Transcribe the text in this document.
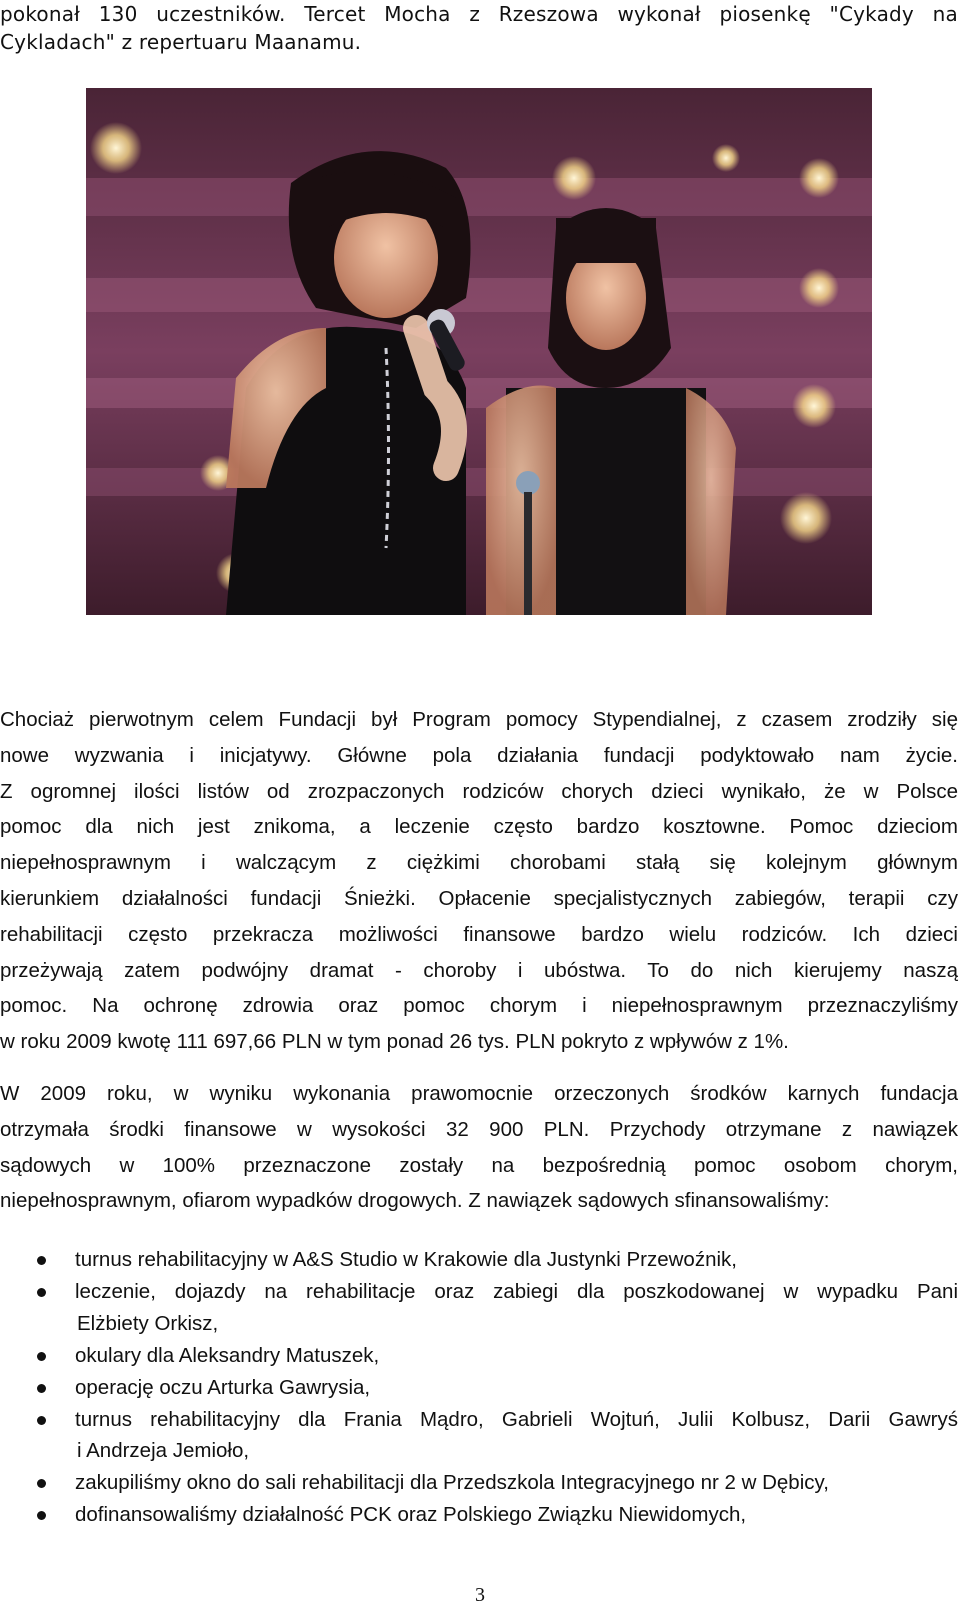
pokonał 130 uczestników. Tercet Mocha z Rzeszowa wykonał piosenkę "Cykady na
Cykladach" z repertuaru Maanamu.
Chociaż pierwotnym celem Fundacji był Program pomocy Stypendialnej, z czasem zrodziły się
nowe wyzwania i inicjatywy. Główne pola działania fundacji podyktowało nam życie.
Z ogromnej ilości listów od zrozpaczonych rodziców chorych dzieci wynikało, że w Polsce
pomoc dla nich jest znikoma, a leczenie często bardzo kosztowne. Pomoc dzieciom
niepełnosprawnym i walczącym z ciężkimi chorobami stałą się kolejnym głównym
kierunkiem działalności fundacji Śnieżki. Opłacenie specjalistycznych zabiegów, terapii czy
rehabilitacji często przekracza możliwości finansowe bardzo wielu rodziców. Ich dzieci
przeżywają zatem podwójny dramat - choroby i ubóstwa. To do nich kierujemy naszą
pomoc. Na ochronę zdrowia oraz pomoc chorym i niepełnosprawnym przeznaczyliśmy
w roku 2009 kwotę 111 697,66 PLN w tym ponad 26 tys. PLN pokryto z wpływów z 1%.
W 2009 roku, w wyniku wykonania prawomocnie orzeczonych środków karnych fundacja
otrzymała środki finansowe w wysokości 32 900 PLN. Przychody otrzymane z nawiązek
sądowych w 100% przeznaczone zostały na bezpośrednią pomoc osobom chorym,
niepełnosprawnym, ofiarom wypadków drogowych. Z nawiązek sądowych sfinansowaliśmy:
turnus rehabilitacyjny w A&S Studio w Krakowie dla Justynki Przewoźnik,
leczenie, dojazdy na rehabilitacje oraz zabiegi dla poszkodowanej w wypadku Pani
Elżbiety Orkisz,
okulary dla Aleksandry Matuszek,
operację oczu Arturka Gawrysia,
turnus rehabilitacyjny dla Frania Mądro, Gabrieli Wojtuń, Julii Kolbusz, Darii Gawryś
i Andrzeja Jemioło,
zakupiliśmy okno do sali rehabilitacji dla Przedszkola Integracyjnego nr 2 w Dębicy,
dofinansowaliśmy działalność PCK oraz Polskiego Związku Niewidomych,
3
